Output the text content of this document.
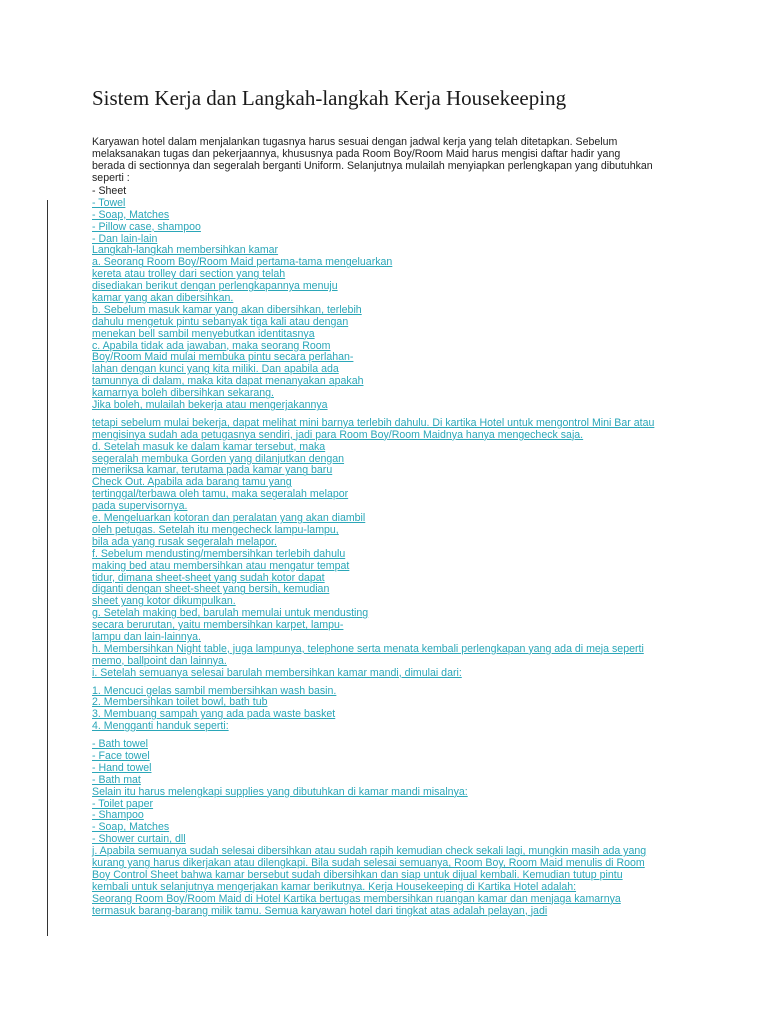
Sistem Kerja dan Langkah-langkah Kerja Housekeeping
Karyawan hotel dalam menjalankan tugasnya harus sesuai dengan jadwal kerja yang telah ditetapkan. Sebelum
melaksanakan tugas dan pekerjaannya, khususnya pada Room Boy/Room Maid harus mengisi daftar hadir yang
berada di sectionnya dan segeralah berganti Uniform. Selanjutnya mulailah menyiapkan perlengkapan yang dibutuhkan
seperti :
- Sheet
- Towel
- Soap, Matches
- Pillow case, shampoo
- Dan lain-lain
Langkah-langkah membersihkan kamar
a. Seorang Room Boy/Room Maid pertama-tama mengeluarkan
kereta atau trolley dari section yang telah
disediakan berikut dengan perlengkapannya menuju
kamar yang akan dibersihkan.
b. Sebelum masuk kamar yang akan dibersihkan, terlebih
dahulu mengetuk pintu sebanyak tiga kali atau dengan
menekan bell sambil menyebutkan identitasnya
c. Apabila tidak ada jawaban, maka seorang Room
Boy/Room Maid mulai membuka pintu secara perlahan-
lahan dengan kunci yang kita miliki. Dan apabila ada
tamunnya di dalam, maka kita dapat menanyakan apakah
kamarnya boleh dibersihkan sekarang.
Jika boleh, mulailah bekerja atau mengerjakannya
tetapi sebelum mulai bekerja, dapat melihat mini barnya terlebih dahulu. Di kartika Hotel untuk mengontrol Mini Bar atau
mengisinya sudah ada petugasnya sendiri, jadi para Room Boy/Room Maidnya hanya mengecheck saja.
d. Setelah masuk ke dalam kamar tersebut, maka
segeralah membuka Gorden yang dilanjutkan dengan
memeriksa kamar, terutama pada kamar yang baru
Check Out. Apabila ada barang tamu yang
tertinggal/terbawa oleh tamu, maka segeralah melapor
pada supervisornya.
e. Mengeluarkan kotoran dan peralatan yang akan diambil
oleh petugas. Setelah itu mengecheck lampu-lampu,
bila ada yang rusak segeralah melapor.
f. Sebelum mendusting/membersihkan terlebih dahulu
making bed atau membersihkan atau mengatur tempat
tidur, dimana sheet-sheet yang sudah kotor dapat
diganti dengan sheet-sheet yang bersih, kemudian
sheet yang kotor dikumpulkan.
g. Setelah making bed, barulah memulai untuk mendusting
secara berurutan, yaitu membersihkan karpet, lampu-
lampu dan lain-lainnya.
h. Membersihkan Night table, juga lampunya, telephone serta menata kembali perlengkapan yang ada di meja seperti
memo, ballpoint dan lainnya.
i. Setelah semuanya selesai barulah membersihkan kamar mandi, dimulai dari:
1. Mencuci gelas sambil membersihkan wash basin.
2. Membersihkan toilet bowl, bath tub
3. Membuang sampah yang ada pada waste basket
4. Mengganti handuk seperti:
- Bath towel
- Face towel
- Hand towel
- Bath mat
Selain itu harus melengkapi supplies yang dibutuhkan di kamar mandi misalnya:
- Toilet paper
- Shampoo
- Soap, Matches
- Shower curtain, dll
j. Apabila semuanya sudah selesai dibersihkan atau sudah rapih kemudian check sekali lagi, mungkin masih ada yang
kurang yang harus dikerjakan atau dilengkapi. Bila sudah selesai semuanya, Room Boy, Room Maid menulis di Room
Boy Control Sheet bahwa kamar bersebut sudah dibersihkan dan siap untuk dijual kembali. Kemudian tutup pintu
kembali untuk selanjutnya mengerjakan kamar berikutnya. Kerja Housekeeping di Kartika Hotel adalah:
Seorang Room Boy/Room Maid di Hotel Kartika bertugas membersihkan ruangan kamar dan menjaga kamarnya
termasuk barang-barang milik tamu. Semua karyawan hotel dari tingkat atas adalah pelayan, jadi
